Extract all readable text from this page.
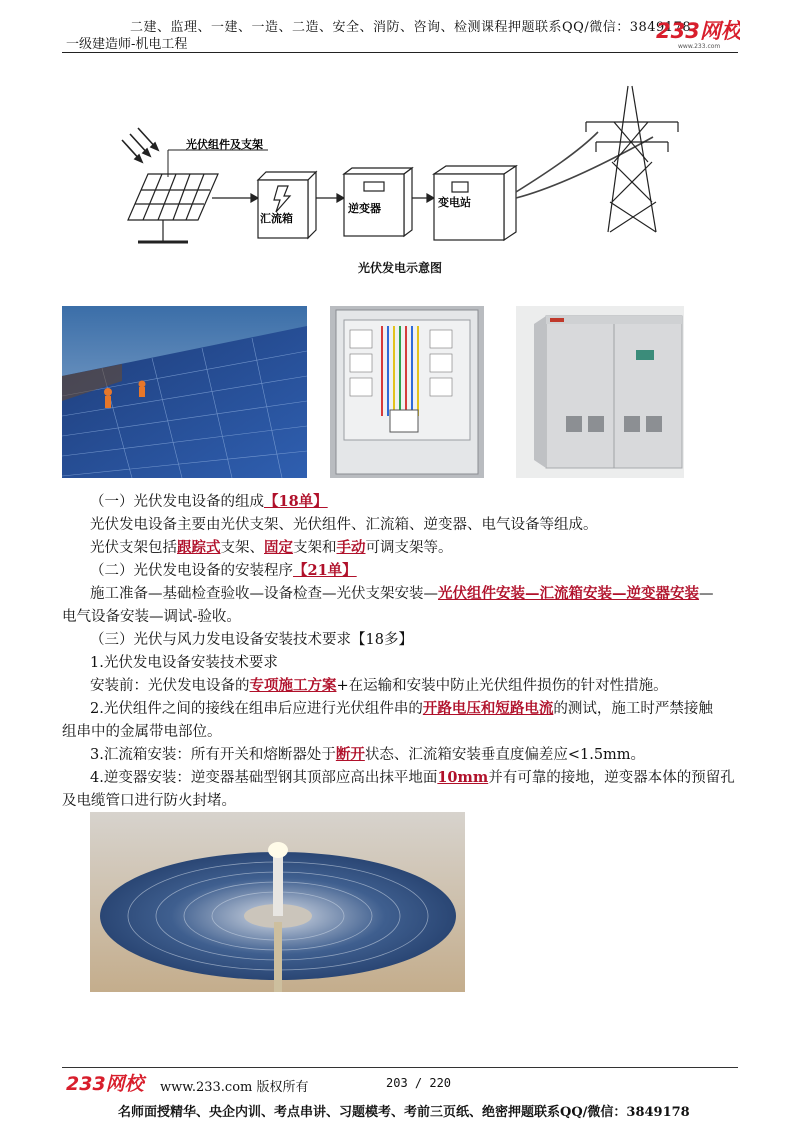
二建、监理、一建、一造、二造、安全、消防、咨询、检测课程押题联系QQ/微信：3849178
一级建造师-机电工程
233网校
www.233.com
光伏组件及支架
汇流箱
逆变器	变电站
光伏发电示意图
（一）光伏发电设备的组成【18单】
光伏发电设备主要由光伏支架、光伏组件、汇流箱、逆变器、电气设备等组成。
光伏支架包括跟踪式支架、固定支架和手动可调支架等。
（二）光伏发电设备的安装程序【21单】
施工准备—基础检查验收—设备检查—光伏支架安装—光伏组件安装—汇流箱安装—逆变器安装—
电气设备安装—调试-验收。
（三）光伏与风力发电设备安装技术要求【18多】
1.光伏发电设备安装技术要求
安装前：光伏发电设备的专项施工方案+在运输和安装中防止光伏组件损伤的针对性措施。
2.光伏组件之间的接线在组串后应进行光伏组件串的开路电压和短路电流的测试，施工时严禁接触
组串中的金属带电部位。
3.汇流箱安装：所有开关和熔断器处于断开状态、汇流箱安装垂直度偏差应<1.5mm。
4.逆变器安装：逆变器基础型钢其顶部应高出抹平地面10mm并有可靠的接地，逆变器本体的预留孔
及电缆管口进行防火封堵。
233网校 www.233.com 版权所有	203 / 220
名师面授精华、央企内训、考点串讲、习题模考、考前三页纸、绝密押题联系QQ/微信：3849178
